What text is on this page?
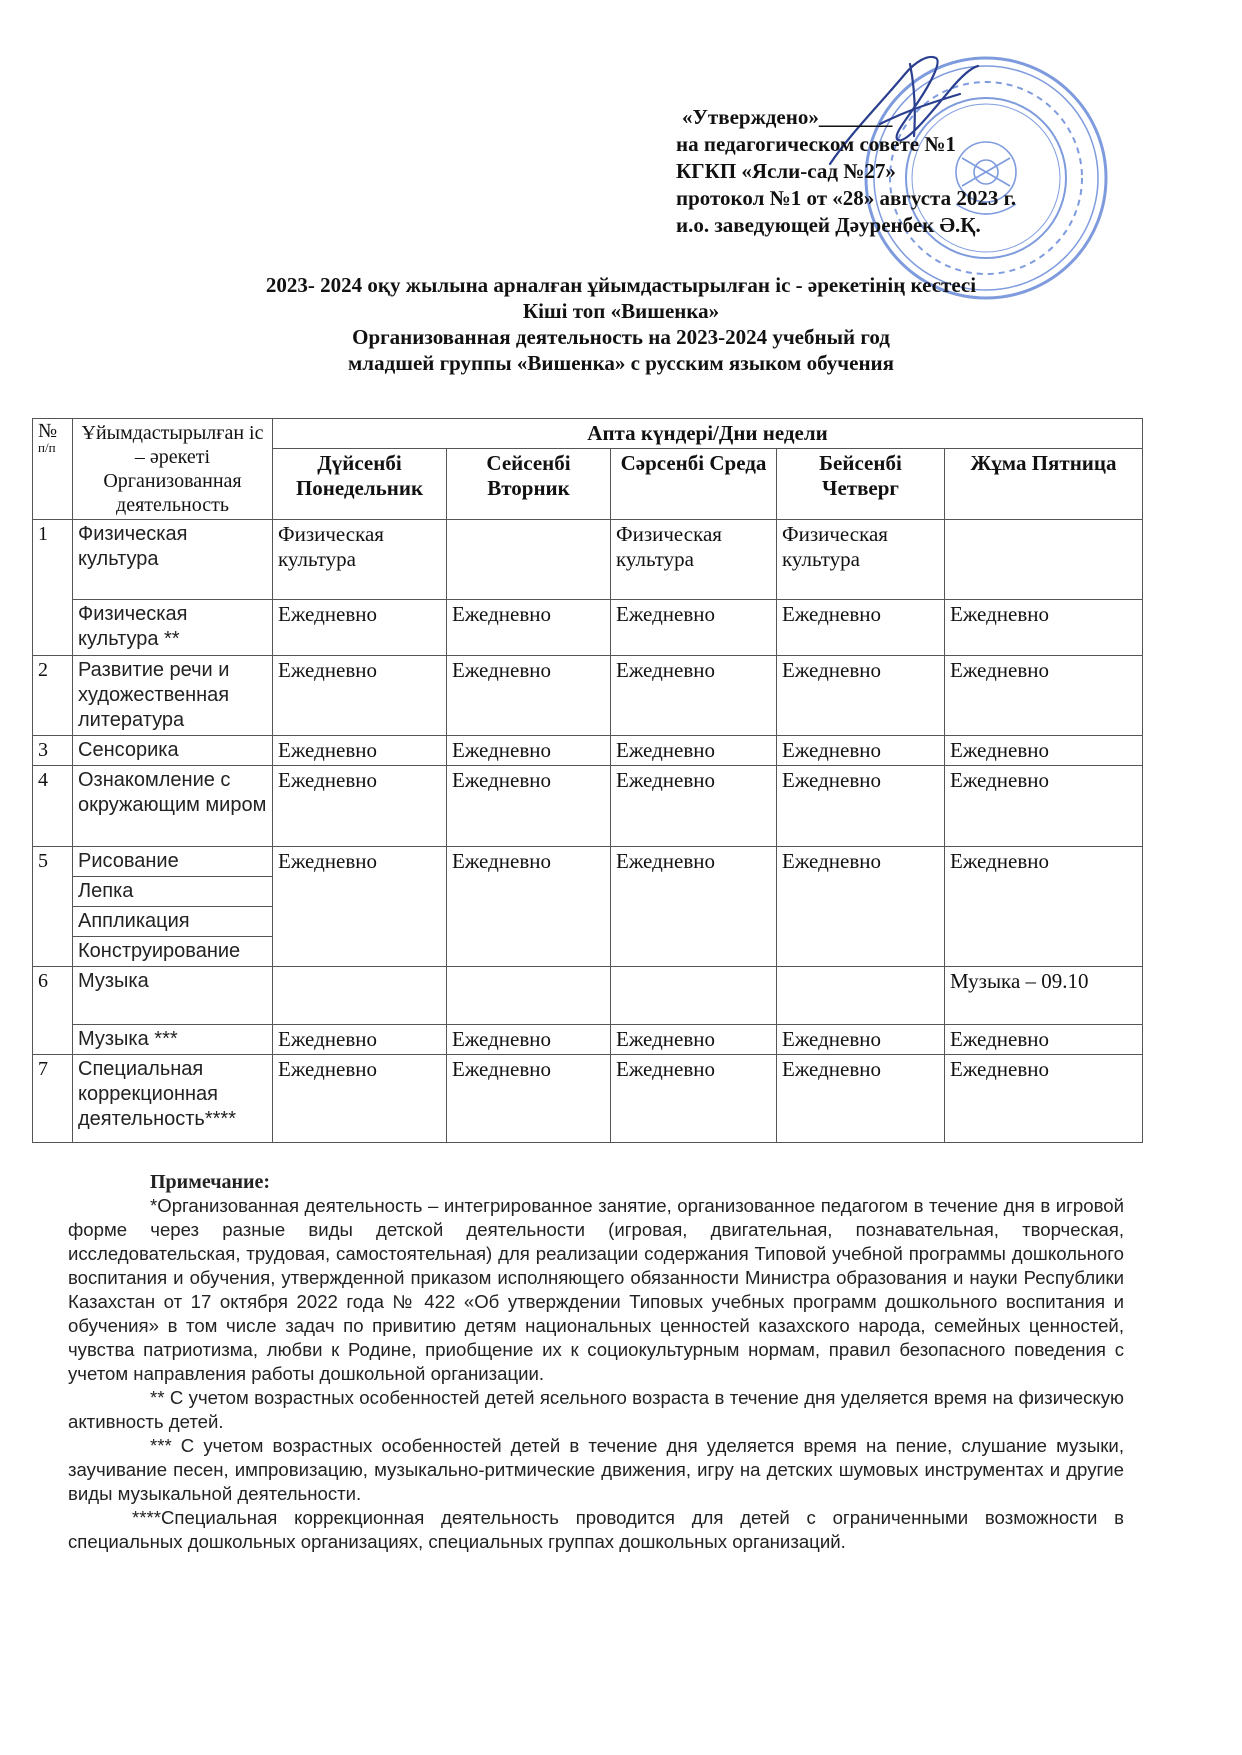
«Утверждено»_______
на педагогическом совете №1
КГКП «Ясли-сад №27»
протокол №1 от «28» августа 2023 г.
и.о. заведующей Дәуренбек Ә.Қ.
2023- 2024 оқу жылына арналған ұйымдастырылған іс - әрекетінің кестесі
Кіші топ «Вишенка»
Организованная деятельность на 2023-2024 учебный год
младшей группы «Вишенка» с русским языком обучения
№
п/п	Ұйымдастырылған іс – әрекеті Организованная деятельность	Апта күндері/Дни недели				
		Дүйсенбі Понедельник	Сейсенбі Вторник	Сәрсенбі Среда	Бейсенбі Четверг	Жұма Пятница
1	Физическая культура	Физическая культура		Физическая культура	Физическая культура	
	Физическая культура **	Ежедневно	Ежедневно	Ежедневно	Ежедневно	Ежедневно
2	Развитие речи и художественная литература	Ежедневно	Ежедневно	Ежедневно	Ежедневно	Ежедневно
3	Сенсорика	Ежедневно	Ежедневно	Ежедневно	Ежедневно	Ежедневно
4	Ознакомление с окружающим миром	Ежедневно	Ежедневно	Ежедневно	Ежедневно	Ежедневно
5	Рисование	Ежедневно	Ежедневно	Ежедневно	Ежедневно	Ежедневно
	Лепка					
	Аппликация					
	Конструирование					
6	Музыка					Музыка – 09.10
	Музыка ***	Ежедневно	Ежедневно	Ежедневно	Ежедневно	Ежедневно
7	Специальная коррекционная деятельность****	Ежедневно	Ежедневно	Ежедневно	Ежедневно	Ежедневно

Примечание:

*Организованная деятельность – интегрированное занятие, организованное педагогом в течение дня в игровой форме через разные виды детской деятельности (игровая, двигательная, познавательная, творческая, исследовательская, трудовая, самостоятельная) для реализации содержания Типовой учебной программы дошкольного воспитания и обучения, утвержденной приказом исполняющего обязанности Министра образования и науки Республики Казахстан от 17 октября 2022 года № 422 «Об утверждении Типовых учебных программ дошкольного воспитания и обучения» в том числе задач по привитию детям национальных ценностей казахского народа, семейных ценностей, чувства патриотизма, любви к Родине, приобщение их к социокультурным нормам, правил безопасного поведения с учетом направления работы дошкольной организации.

** С учетом возрастных особенностей детей ясельного возраста в течение дня уделяется время на физическую активность детей.

*** С учетом возрастных особенностей детей в течение дня уделяется время на пение, слушание музыки, заучивание песен, импровизацию, музыкально-ритмические движения, игру на детских шумовых инструментах и другие виды музыкальной деятельности.

****Специальная коррекционная деятельность проводится для детей с ограниченными возможности в специальных дошкольных организациях, специальных группах дошкольных организаций.
